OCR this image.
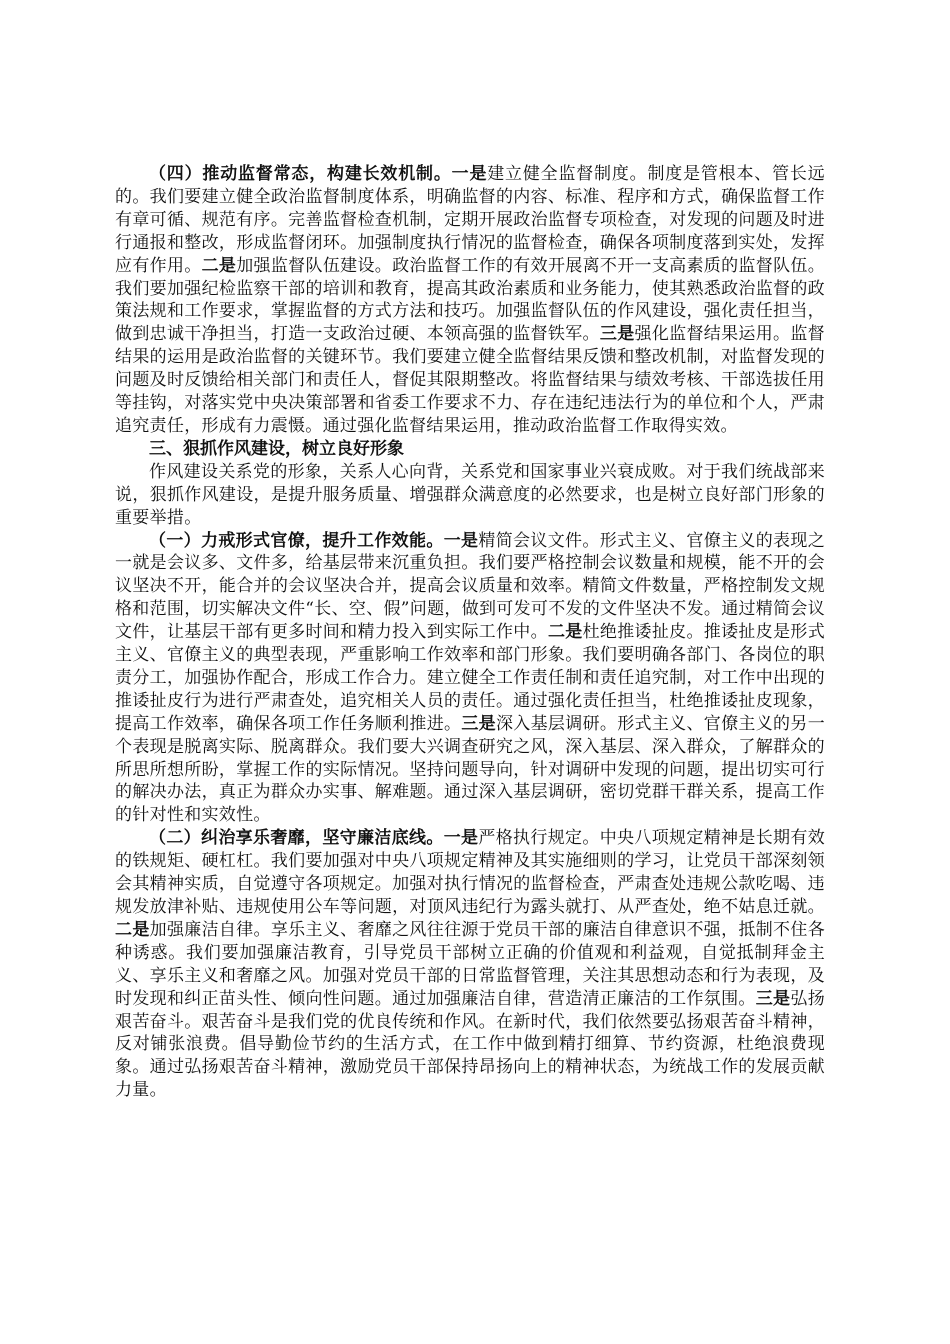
（四）推动监督常态，构建长效机制。一是建立健全监督制度。制度是管根本、管长远的。我们要建立健全政治监督制度体系，明确监督的内容、标准、程序和方式，确保监督工作有章可循、规范有序。完善监督检查机制，定期开展政治监督专项检查，对发现的问题及时进行通报和整改，形成监督闭环。加强制度执行情况的监督检查，确保各项制度落到实处，发挥应有作用。二是加强监督队伍建设。政治监督工作的有效开展离不开一支高素质的监督队伍。我们要加强纪检监察干部的培训和教育，提高其政治素质和业务能力，使其熟悉政治监督的政策法规和工作要求，掌握监督的方式方法和技巧。加强监督队伍的作风建设，强化责任担当，做到忠诚干净担当，打造一支政治过硬、本领高强的监督铁军。三是强化监督结果运用。监督结果的运用是政治监督的关键环节。我们要建立健全监督结果反馈和整改机制，对监督发现的问题及时反馈给相关部门和责任人，督促其限期整改。将监督结果与绩效考核、干部选拔任用等挂钩，对落实党中央决策部署和省委工作要求不力、存在违纪违法行为的单位和个人，严肃追究责任，形成有力震慑。通过强化监督结果运用，推动政治监督工作取得实效。

三、狠抓作风建设，树立良好形象

作风建设关系党的形象，关系人心向背，关系党和国家事业兴衰成败。对于我们统战部来说，狠抓作风建设，是提升服务质量、增强群众满意度的必然要求，也是树立良好部门形象的重要举措。

（一）力戒形式官僚，提升工作效能。一是精简会议文件。形式主义、官僚主义的表现之一就是会议多、文件多，给基层带来沉重负担。我们要严格控制会议数量和规模，能不开的会议坚决不开，能合并的会议坚决合并，提高会议质量和效率。精简文件数量，严格控制发文规格和范围，切实解决文件“长、空、假”问题，做到可发可不发的文件坚决不发。通过精简会议文件，让基层干部有更多时间和精力投入到实际工作中。二是杜绝推诿扯皮。推诿扯皮是形式主义、官僚主义的典型表现，严重影响工作效率和部门形象。我们要明确各部门、各岗位的职责分工，加强协作配合，形成工作合力。建立健全工作责任制和责任追究制，对工作中出现的推诿扯皮行为进行严肃查处，追究相关人员的责任。通过强化责任担当，杜绝推诿扯皮现象，提高工作效率，确保各项工作任务顺利推进。三是深入基层调研。形式主义、官僚主义的另一个表现是脱离实际、脱离群众。我们要大兴调查研究之风，深入基层、深入群众，了解群众的所思所想所盼，掌握工作的实际情况。坚持问题导向，针对调研中发现的问题，提出切实可行的解决办法，真正为群众办实事、解难题。通过深入基层调研，密切党群干群关系，提高工作的针对性和实效性。

（二）纠治享乐奢靡，坚守廉洁底线。一是严格执行规定。中央八项规定精神是长期有效的铁规矩、硬杠杠。我们要加强对中央八项规定精神及其实施细则的学习，让党员干部深刻领会其精神实质，自觉遵守各项规定。加强对执行情况的监督检查，严肃查处违规公款吃喝、违规发放津补贴、违规使用公车等问题，对顶风违纪行为露头就打、从严查处，绝不姑息迁就。二是加强廉洁自律。享乐主义、奢靡之风往往源于党员干部的廉洁自律意识不强，抵制不住各种诱惑。我们要加强廉洁教育，引导党员干部树立正确的价值观和利益观，自觉抵制拜金主义、享乐主义和奢靡之风。加强对党员干部的日常监督管理，关注其思想动态和行为表现，及时发现和纠正苗头性、倾向性问题。通过加强廉洁自律，营造清正廉洁的工作氛围。三是弘扬艰苦奋斗。艰苦奋斗是我们党的优良传统和作风。在新时代，我们依然要弘扬艰苦奋斗精神，反对铺张浪费。倡导勤俭节约的生活方式，在工作中做到精打细算、节约资源，杜绝浪费现象。通过弘扬艰苦奋斗精神，激励党员干部保持昂扬向上的精神状态，为统战工作的发展贡献力量。
